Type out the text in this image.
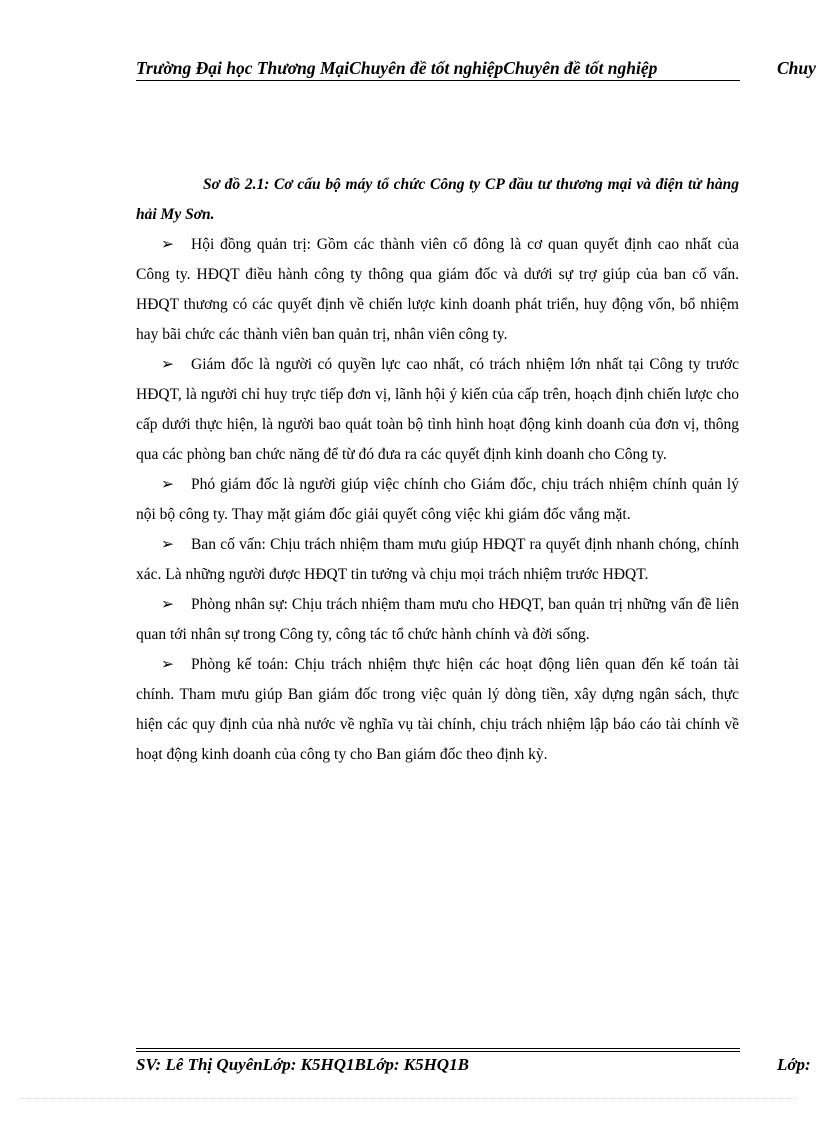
Trường Đại học Thương MạiChuyên đề tốt nghiệpChuyên đề tốt nghiệp	Chuy
Sơ đồ 2.1: Cơ cấu bộ máy tổ chức Công ty CP đầu tư thương mại và điện tử hàng hải My Sơn.

➢ Hội đồng quản trị: Gồm các thành viên cổ đông là cơ quan quyết định cao nhất của Công ty. HĐQT điều hành công ty thông qua giám đốc và dưới sự trợ giúp của ban cố vấn. HĐQT thương có các quyết định về chiến lược kinh doanh phát triển, huy động vốn, bổ nhiệm hay bãi chức các thành viên ban quản trị, nhân viên công ty.

➢ Giám đốc là người có quyền lực cao nhất, có trách nhiệm lớn nhất tại Công ty trước HĐQT, là người chỉ huy trực tiếp đơn vị, lãnh hội ý kiến của cấp trên, hoạch định chiến lược cho cấp dưới thực hiện, là người bao quát toàn bộ tình hình hoạt động kinh doanh của đơn vị, thông qua các phòng ban chức năng để từ đó đưa ra các quyết định kinh doanh cho Công ty.

➢ Phó giám đốc là người giúp việc chính cho Giám đốc, chịu trách nhiệm chính quản lý nội bộ công ty. Thay mặt giám đốc giải quyết công việc khi giám đốc vắng mặt.

➢ Ban cố vấn: Chịu trách nhiệm tham mưu giúp HĐQT ra quyết định nhanh chóng, chính xác. Là những người được HĐQT tin tưởng và chịu mọi trách nhiệm trước HĐQT.

➢ Phòng nhân sự: Chịu trách nhiệm tham mưu cho HĐQT, ban quản trị những vấn đề liên quan tới nhân sự trong Công ty, công tác tổ chức hành chính và đời sống.

➢ Phòng kế toán: Chịu trách nhiệm thực hiện các hoạt động liên quan đến kế toán tài chính. Tham mưu giúp Ban giám đốc trong việc quản lý dòng tiền, xây dựng ngân sách, thực hiện các quy định của nhà nước về nghĩa vụ tài chính, chịu trách nhiệm lập báo cáo tài chính về hoạt động kinh doanh của công ty cho Ban giám đốc theo định kỳ.

SV: Lê Thị QuyênLớp: K5HQ1BLớp: K5HQ1B	Lớp:
